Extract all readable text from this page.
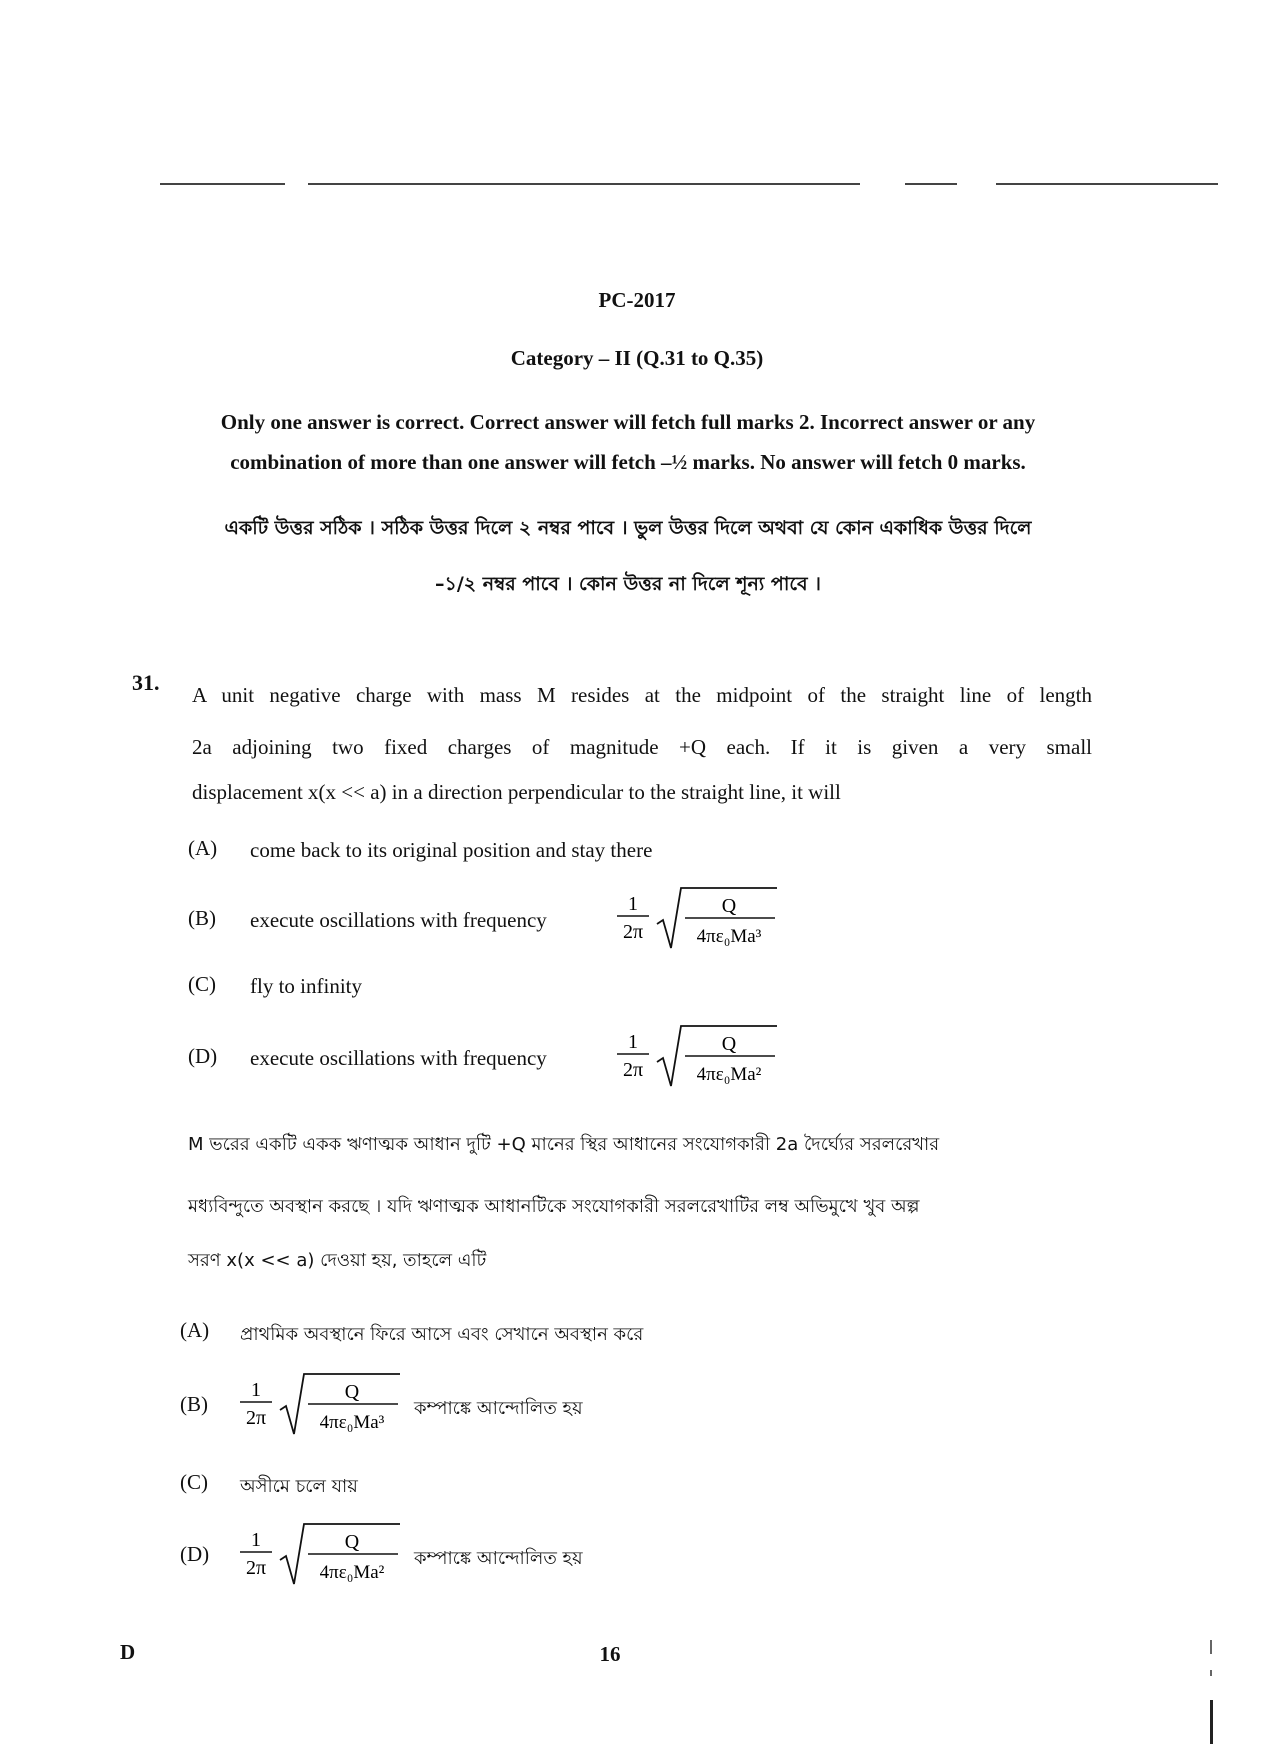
PC-2017
Category – II (Q.31 to Q.35)
Only one answer is correct. Correct answer will fetch full marks 2. Incorrect answer or any
combination of more than one answer will fetch –½ marks. No answer will fetch 0 marks.
একটি উত্তর সঠিক । সঠিক উত্তর দিলে ২ নম্বর পাবে । ভুল উত্তর দিলে অথবা যে কোন একাধিক উত্তর দিলে
–১/২ নম্বর পাবে । কোন উত্তর না দিলে শূন্য পাবে ।
31. A unit negative charge with mass M resides at the midpoint of the straight line of length
2a adjoining two fixed charges of magnitude +Q each. If it is given a very small
displacement x(x << a) in a direction perpendicular to the straight line, it will
(A) come back to its original position and stay there
(B) execute oscillations with frequency
1
2π
Q
4πε₀Ma³
(C) fly to infinity
(D) execute oscillations with frequency
1
2π
Q
4πε₀Ma²
M ভরের একটি একক ঋণাত্মক আধান দুটি +Q মানের স্থির আধানের সংযোগকারী 2a দৈর্ঘ্যের সরলরেখার
মধ্যবিন্দুতে অবস্থান করছে । যদি ঋণাত্মক আধানটিকে সংযোগকারী সরলরেখাটির লম্ব অভিমুখে খুব অল্প
সরণ x(x << a) দেওয়া হয়, তাহলে এটি
(A) প্রাথমিক অবস্থানে ফিরে আসে এবং সেখানে অবস্থান করে
(B)
1
2π
Q
4πε₀Ma³
কম্পাঙ্কে আন্দোলিত হয়
(C) অসীমে চলে যায়
(D)
1
2π
Q
4πε₀Ma²
কম্পাঙ্কে আন্দোলিত হয়
D	16
